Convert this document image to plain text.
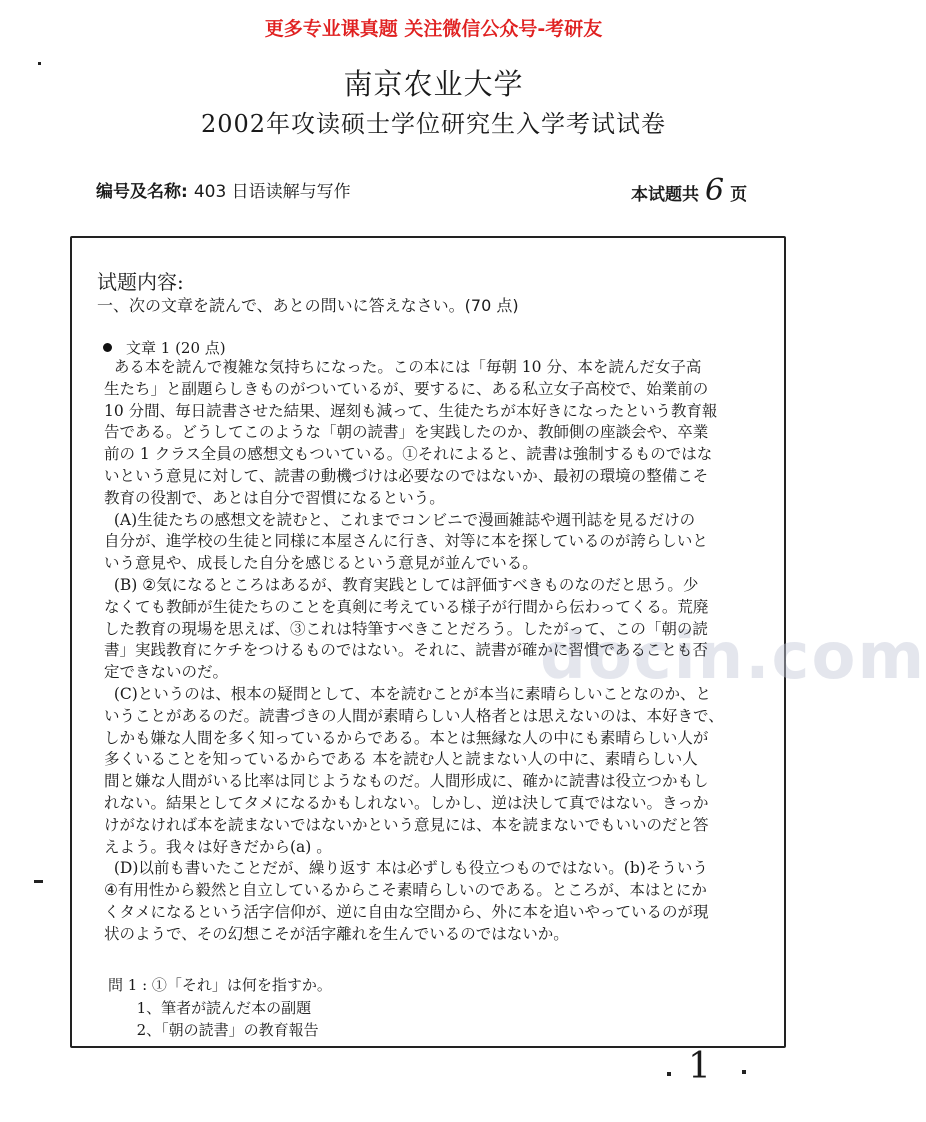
更多专业课真题 关注微信公众号-考研友
南京农业大学
2002年攻读硕士学位研究生入学考试试卷
编号及名称: 403 日语读解与写作	本试题共 6 页
试题内容:
一、次の文章を読んで、あとの問いに答えなさい。(70 点)
文章 1 (20 点)
docin.com
ある本を読んで複雑な気持ちになった。この本には「毎朝 10 分、本を読んだ女子高
生たち」と副題らしきものがついているが、要するに、ある私立女子高校で、始業前の
10 分間、毎日読書させた結果、遅刻も減って、生徒たちが本好きになったという教育報
告である。どうしてこのような「朝の読書」を実践したのか、教師側の座談会や、卒業
前の 1 クラス全員の感想文もついている。①それによると、読書は強制するものではな
いという意見に対して、読書の動機づけは必要なのではないか、最初の環境の整備こそ
教育の役割で、あとは自分で習慣になるという。
(A)生徒たちの感想文を読むと、これまでコンビニで漫画雑誌や週刊誌を見るだけの
自分が、進学校の生徒と同様に本屋さんに行き、対等に本を探しているのが誇らしいと
いう意見や、成長した自分を感じるという意見が並んでいる。
(B) ②気になるところはあるが、教育実践としては評価すべきものなのだと思う。少
なくても教師が生徒たちのことを真剣に考えている様子が行間から伝わってくる。荒廃
した教育の現場を思えば、③これは特筆すべきことだろう。したがって、この「朝の読
書」実践教育にケチをつけるものではない。それに、読書が確かに習慣であることも否
定できないのだ。
(C)というのは、根本の疑問として、本を読むことが本当に素晴らしいことなのか、と
いうことがあるのだ。読書づきの人間が素晴らしい人格者とは思えないのは、本好きで、
しかも嫌な人間を多く知っているからである。本とは無縁な人の中にも素晴らしい人が
多くいることを知っているからである 本を読む人と読まない人の中に、素晴らしい人
間と嫌な人間がいる比率は同じようなものだ。人間形成に、確かに読書は役立つかもし
れない。結果としてタメになるかもしれない。しかし、逆は決して真ではない。きっか
けがなければ本を読まないではないかという意見には、本を読まないでもいいのだと答
えよう。我々は好きだから(a) 。
(D)以前も書いたことだが、繰り返す 本は必ずしも役立つものではない。(b)そういう
④有用性から毅然と自立しているからこそ素晴らしいのである。ところが、本はとにか
くタメになるという活字信仰が、逆に自由な空間から、外に本を追いやっているのが現
状のようで、その幻想こそが活字離れを生んでいるのではないか。
問 1 : ①「それ」は何を指すか。
1、筆者が読んだ本の副題
2、「朝の読書」の教育報告
1
